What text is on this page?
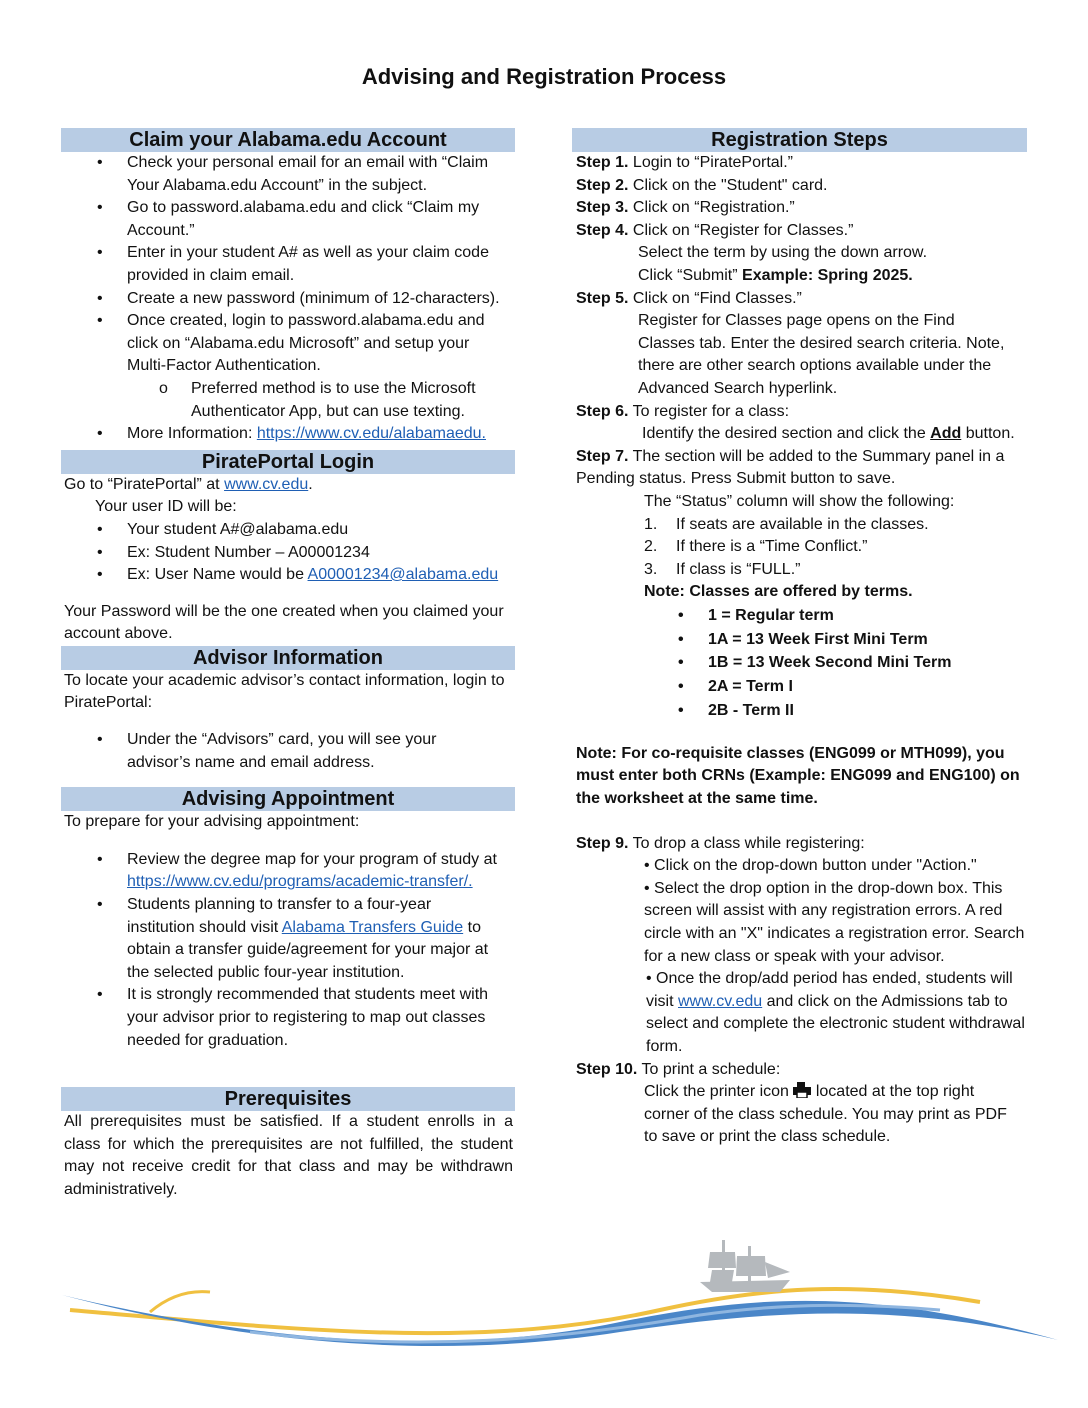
Advising and Registration Process
Claim your Alabama.edu Account
• Check your personal email for an email with “Claim Your Alabama.edu Account” in the subject.
• Go to password.alabama.edu and click “Claim my Account.”
• Enter in your student A# as well as your claim code provided in claim email.
• Create a new password (minimum of 12-characters).
• Once created, login to password.alabama.edu and click on “Alabama.edu Microsoft” and setup your Multi-Factor Authentication.
o Preferred method is to use the Microsoft Authenticator App, but can use texting.
• More Information: https://www.cv.edu/alabamaedu.
PiratePortal Login
Go to “PiratePortal” at www.cv.edu.
Your user ID will be:
• Your student A#@alabama.edu
• Ex: Student Number – A00001234
• Ex: User Name would be A00001234@alabama.edu
Your Password will be the one created when you claimed your account above.
Advisor Information
To locate your academic advisor’s contact information, login to PiratePortal:
• Under the “Advisors” card, you will see your advisor’s name and email address.
Advising Appointment
To prepare for your advising appointment:
• Review the degree map for your program of study at https://www.cv.edu/programs/academic-transfer/.
• Students planning to transfer to a four-year institution should visit Alabama Transfers Guide to obtain a transfer guide/agreement for your major at the selected public four-year institution.
• It is strongly recommended that students meet with your advisor prior to registering to map out classes needed for graduation.
Prerequisites
All prerequisites must be satisfied. If a student enrolls in a class for which the prerequisites are not fulfilled, the student may not receive credit for that class and may be withdrawn administratively.
Registration Steps
Step 1. Login to “PiratePortal.”
Step 2. Click on the "Student" card.
Step 3. Click on “Registration.”
Step 4. Click on “Register for Classes.”
Select the term by using the down arrow.
Click “Submit” Example: Spring 2025.
Step 5. Click on “Find Classes.”
Register for Classes page opens on the Find Classes tab. Enter the desired search criteria. Note, there are other search options available under the Advanced Search hyperlink.
Step 6. To register for a class:
Identify the desired section and click the Add button.
Step 7. The section will be added to the Summary panel in a Pending status. Press Submit button to save.
The “Status” column will show the following:
1. If seats are available in the classes.
2. If there is a “Time Conflict.”
3. If class is “FULL.”
Note: Classes are offered by terms.
• 1 = Regular term
• 1A = 13 Week First Mini Term
• 1B = 13 Week Second Mini Term
• 2A = Term I
• 2B - Term II
Note: For co-requisite classes (ENG099 or MTH099), you must enter both CRNs (Example: ENG099 and ENG100) on the worksheet at the same time.
Step 9. To drop a class while registering:
• Click on the drop-down button under "Action."
• Select the drop option in the drop-down box. This screen will assist with any registration errors. A red circle with an "X" indicates a registration error. Search for a new class or speak with your advisor.
• Once the drop/add period has ended, students will visit www.cv.edu and click on the Admissions tab to select and complete the electronic student withdrawal form.
Step 10. To print a schedule:
Click the printer icon  located at the top right corner of the class schedule. You may print as PDF to save or print the class schedule.
